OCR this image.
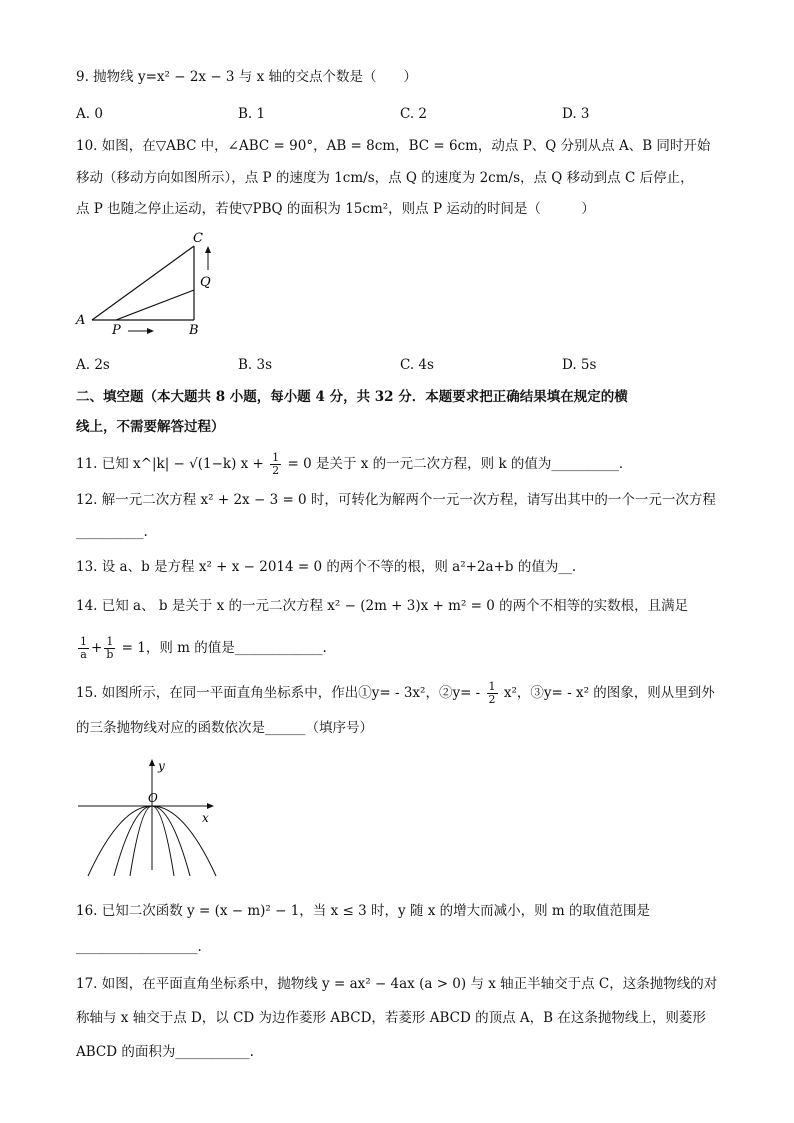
9. 抛物线 y=x² − 2x − 3 与 x 轴的交点个数是（　　）
A. 0	B. 1	C. 2	D. 3
10. 如图，在▽ABC 中，∠ABC = 90°，AB = 8cm，BC = 6cm，动点 P、Q 分别从点 A、B 同时开始
移动（移动方向如图所示），点 P 的速度为 1cm/s，点 Q 的速度为 2cm/s，点 Q 移动到点 C 后停止，
点 P 也随之停止运动，若使▽PBQ 的面积为 15cm²，则点 P 运动的时间是（　　　）
A
B
C
P
Q
A. 2s	B. 3s	C. 4s	D. 5s
二、填空题（本大题共 8 小题，每小题 4 分，共 32 分．本题要求把正确结果填在规定的横
线上，不需要解答过程）
11. 已知 x^|k| − √(1−k) $x + \frac{1}{2} = 0$ 是关于 x 的一元二次方程，则 k 的值为__________．
12. 解一元二次方程 x² + 2x − 3 = 0 时，可转化为解两个一元一次方程，请写出其中的一个一元一次方程
__________.
13. 设 a、b 是方程 x² + x − 2014 = 0 的两个不等的根，则 a²+2a+b 的值为__.
14. 已知 a、 b 是关于 x 的一元二次方程 x² − (2m + 3)x + m² = 0 的两个不相等的实数根，且满足
$\frac{1}{a} + \frac{1}{b} = 1$，则 m 的值是_____________.
15. 如图所示，在同一平面直角坐标系中，作出①y= - 3x²，②y= - $\frac{1}{2} x^2$，③y= - x² 的图象，则从里到外
的三条抛物线对应的函数依次是______（填序号）
y
O
x
16. 已知二次函数 y = (x − m)² − 1，当 x ≤ 3 时，y 随 x 的增大而减小，则 m 的取值范围是
__________________.
17. 如图，在平面直角坐标系中，抛物线 y = ax² − 4ax (a > 0) 与 x 轴正半轴交于点 C，这条抛物线的对
称轴与 x 轴交于点 D，以 CD 为边作菱形 ABCD，若菱形 ABCD 的顶点 A，B 在这条抛物线上，则菱形
ABCD 的面积为___________.
